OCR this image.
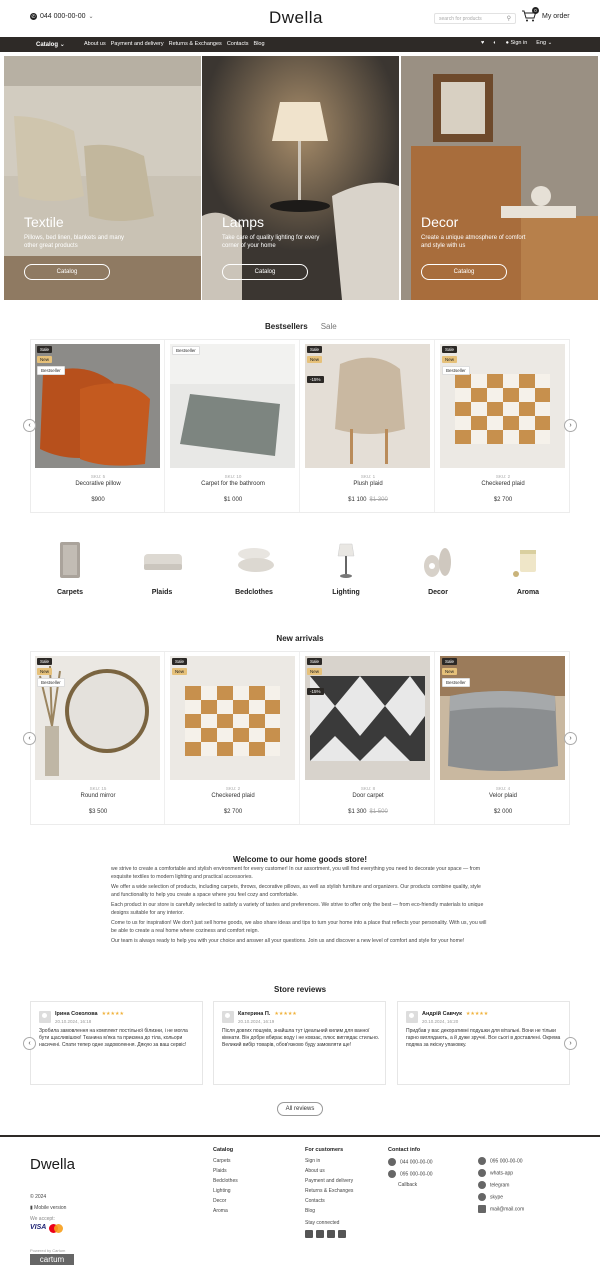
✆ 044 000-00-00 ⌄	Dwella	search for products	⚲
0
My order
Catalog ⌄	About us Payment and delivery Returns & Exchanges Contacts Blog	♥ ◐ ● Sign in Eng ⌄
Textile
Pillows, bed linen, blankets and many other great products
Catalog
Lamps
Take care of quality lighting for every corner of your home
Catalog
Decor
Create a unique atmosphere of comfort and style with us
Catalog
Bestsellers Sale
Sale
New
Bestseller
SKU: 5
Decorative pillow
$900
Bestseller
SKU: 10
Carpet for the bathroom
$1 000
Sale
New
-15%
SKU: 1
Plush plaid
$1 100 $1 300
Sale
New
Bestseller
SKU: 2
Checkered plaid
$2 700
‹	›
Carpets	Plaids	Bedclothes	Lighting	Decor	Aroma
New arrivals
Sale
New
Bestseller
SKU: 15
Round mirror
$3 500
Sale
New
SKU: 2
Checkered plaid
$2 700
Sale
New
-15%
SKU: 8
Door carpet
$1 300 $1 500
Sale
New
Bestseller
SKU: 4
Velor plaid
$2 000
‹	›
Welcome to our home goods store!

we strive to create a comfortable and stylish environment for every customer! In our assortment, you will find everything you need to decorate your space — from exquisite textiles to modern lighting and practical accessories.

We offer a wide selection of products, including carpets, throws, decorative pillows, as well as stylish furniture and organizers. Our products combine quality, style and functionality to help you create a space where you feel cozy and comfortable.

Each product in our store is carefully selected to satisfy a variety of tastes and preferences. We strive to offer only the best — from eco-friendly materials to unique designs suitable for any interior.

Come to us for inspiration! We don't just sell home goods, we also share ideas and tips to turn your home into a place that reflects your personality. With us, you will be able to create a real home where coziness and comfort reign.

Our team is always ready to help you with your choice and answer all your questions. Join us and discover a new level of comfort and style for your home!

Store reviews
Ірина Соколова ★★★★★
20.10.2024, 16:18
Зробила замовлення на комплект постільної білизни, і не могла бути щасливішою! Тканина м'яка та приємна до тіла, кольори насичені. Спати тепер одне задоволення. Дякую за ваш сервіс!
Катерина П. ★★★★★
20.10.2024, 16:19
Після довгих пошуків, знайшла тут ідеальний килим для ванної кімнати. Він добре вбирає воду і не ковзає, плюс виглядає стильно. Великий вибір товарів, обов'язково буду замовляти ще!
Андрій Савчук ★★★★★
20.10.2024, 16:20
Придбав у вас декоративні подушки для вітальні. Вони не тільки гарно виглядають, а й дуже зручні. Все сьогі в доставлені. Окрема подяка за якісну упаковку.
‹	›
All reviews
Dwella
© 2024
▮ Mobile version
We accept:
VISA
Powered by Cartum
cartum
Catalog
Carpets
Plaids
Bedclothes
Lighting
Decor
Aroma
For customers
Sign in
About us
Payment and delivery
Returns & Exchanges
Contacts
Blog
Stay connected
Contact info
044 000-00-00
095 000-00-00
Callback
095 000-00-00
whats-app
telegram
skype
mail@mail.com
